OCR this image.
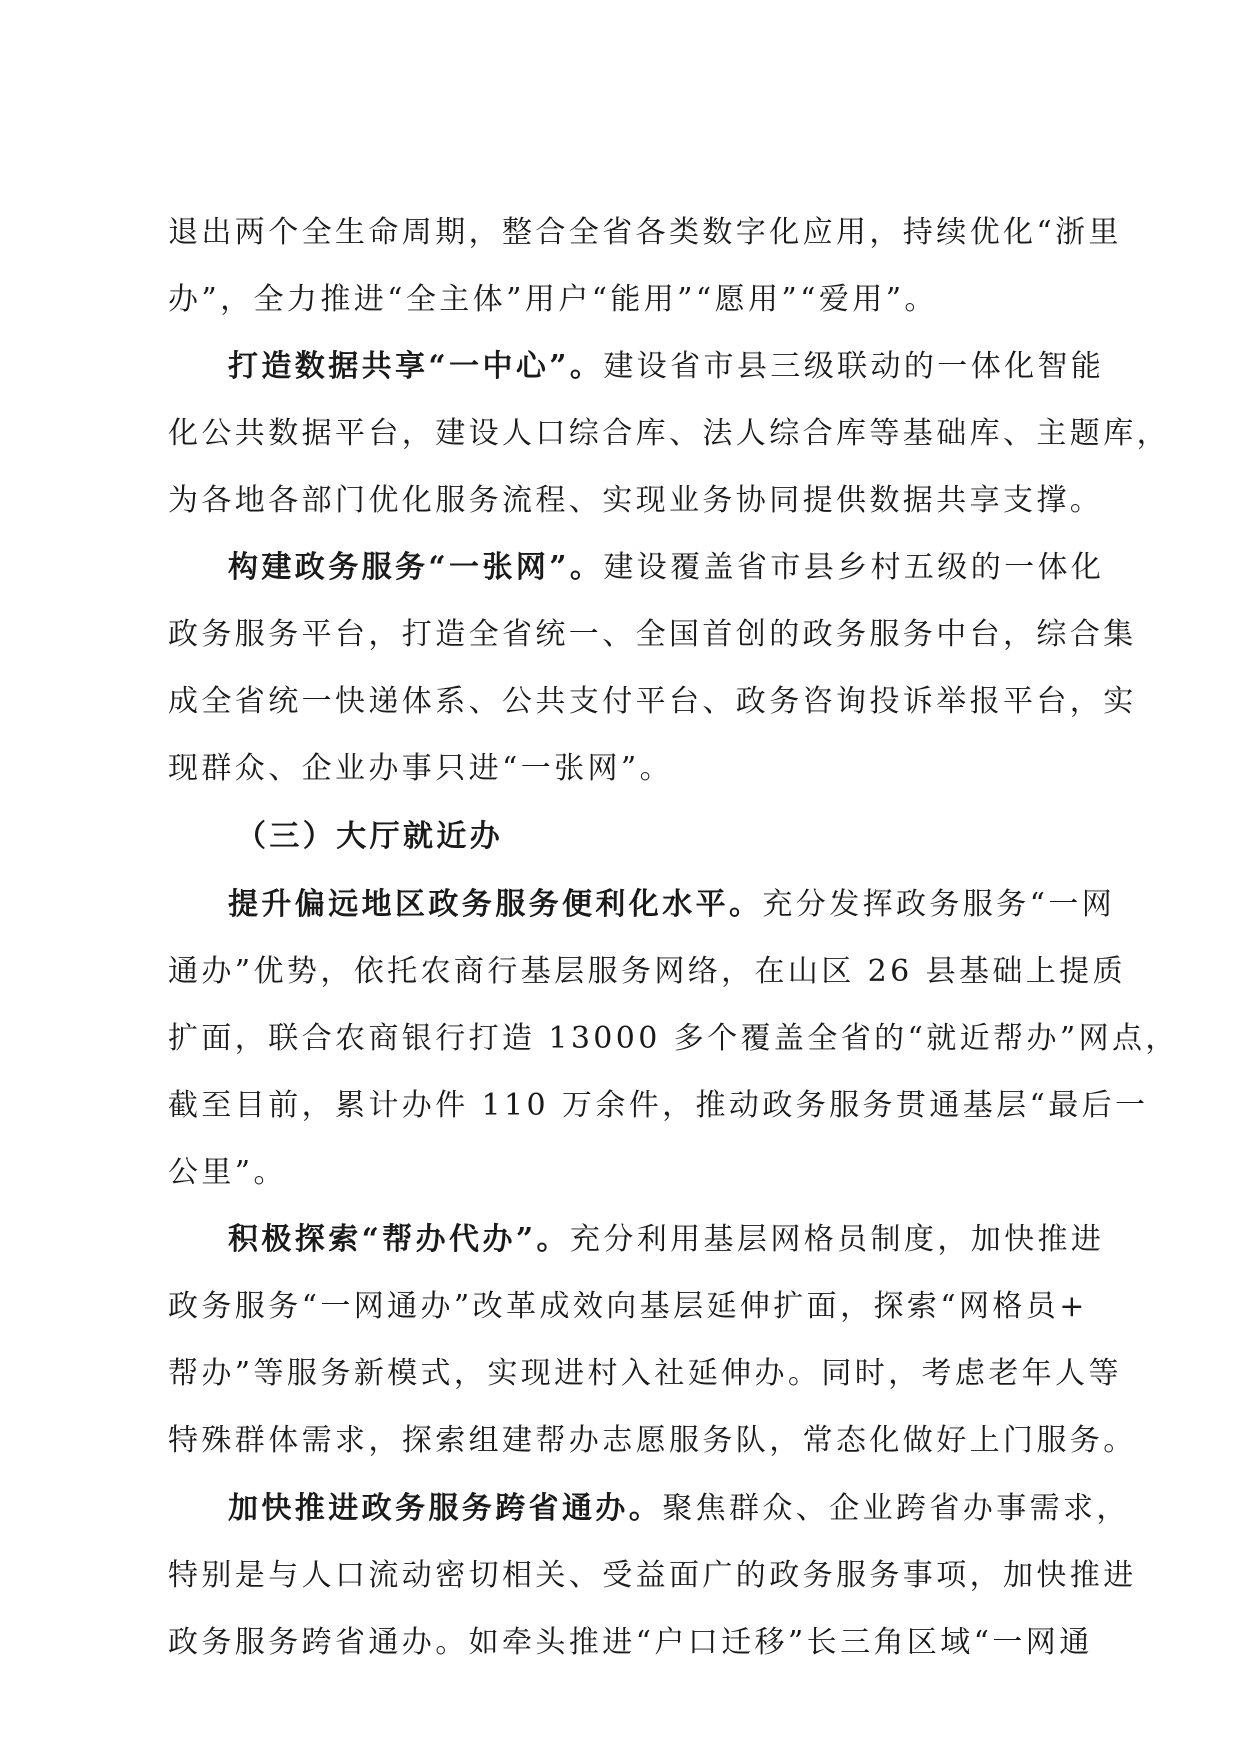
退出两个全生命周期，整合全省各类数字化应用，持续优化“浙里
办”，全力推进“全主体”用户“能用”“愿用”“爱用”。
打造数据共享“一中心”。建设省市县三级联动的一体化智能
化公共数据平台，建设人口综合库、法人综合库等基础库、主题库，
为各地各部门优化服务流程、实现业务协同提供数据共享支撑。
构建政务服务“一张网”。建设覆盖省市县乡村五级的一体化
政务服务平台，打造全省统一、全国首创的政务服务中台，综合集
成全省统一快递体系、公共支付平台、政务咨询投诉举报平台，实
现群众、企业办事只进“一张网”。
（三）大厅就近办
提升偏远地区政务服务便利化水平。充分发挥政务服务“一网
通办”优势，依托农商行基层服务网络，在山区 26 县基础上提质
扩面，联合农商银行打造 13000 多个覆盖全省的“就近帮办”网点，
截至目前，累计办件 110 万余件，推动政务服务贯通基层“最后一
公里”。
积极探索“帮办代办”。充分利用基层网格员制度，加快推进
政务服务“一网通办”改革成效向基层延伸扩面，探索“网格员+
帮办”等服务新模式，实现进村入社延伸办。同时，考虑老年人等
特殊群体需求，探索组建帮办志愿服务队，常态化做好上门服务。
加快推进政务服务跨省通办。聚焦群众、企业跨省办事需求，
特别是与人口流动密切相关、受益面广的政务服务事项，加快推进
政务服务跨省通办。如牵头推进“户口迁移”长三角区域“一网通
